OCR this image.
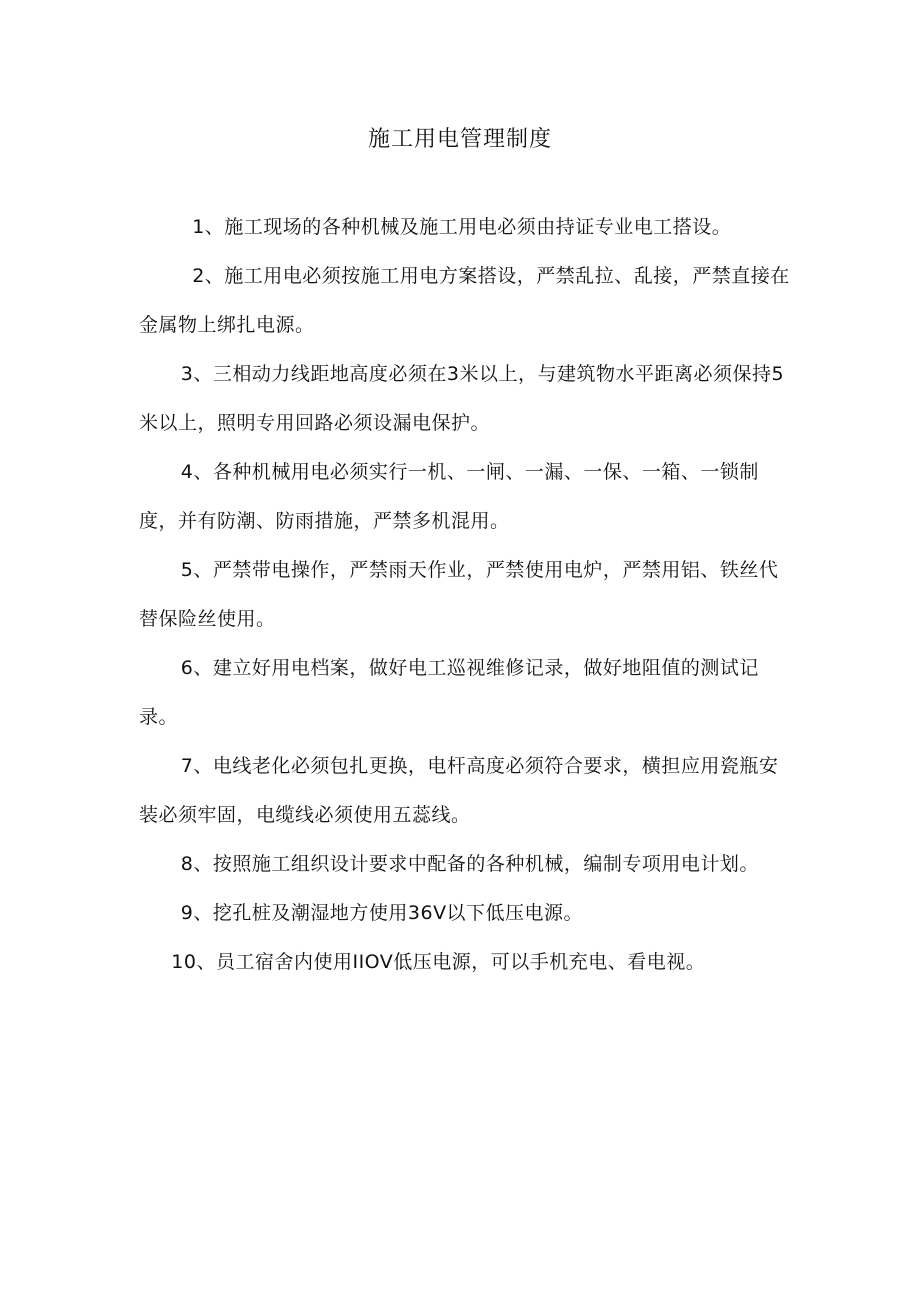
施工用电管理制度

1、施工现场的各种机械及施工用电必须由持证专业电工搭设。

2、施工用电必须按施工用电方案搭设，严禁乱拉、乱接，严禁直接在金属物上绑扎电源。

3、三相动力线距地高度必须在3米以上，与建筑物水平距离必须保持5米以上，照明专用回路必须设漏电保护。

4、各种机械用电必须实行一机、一闸、一漏、一保、一箱、一锁制度，并有防潮、防雨措施，严禁多机混用。

5、严禁带电操作，严禁雨天作业，严禁使用电炉，严禁用铝、铁丝代替保险丝使用。

6、建立好用电档案，做好电工巡视维修记录，做好地阻值的测试记录。

7、电线老化必须包扎更换，电杆高度必须符合要求，横担应用瓷瓶安装必须牢固，电缆线必须使用五蕊线。

8、按照施工组织设计要求中配备的各种机械，编制专项用电计划。

9、挖孔桩及潮湿地方使用36V以下低压电源。

10、员工宿舍内使用IIOV低压电源，可以手机充电、看电视。
